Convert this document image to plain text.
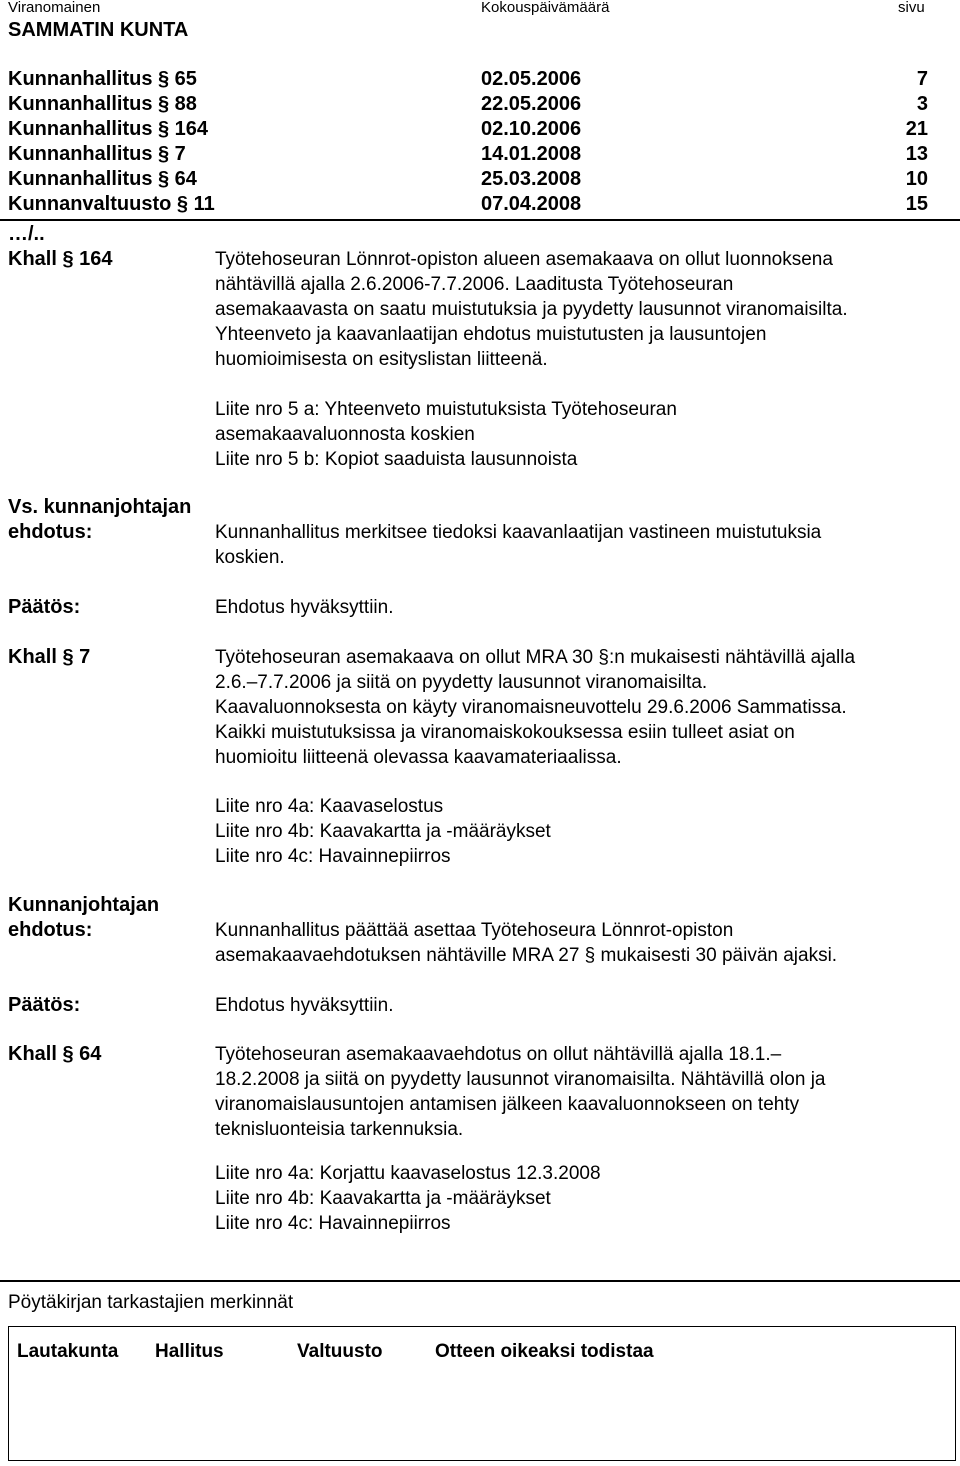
Viranomainen	Kokouspäivämäärä	sivu
SAMMATIN KUNTA
Kunnanhallitus § 65	02.05.2006	7
Kunnanhallitus § 88	22.05.2006	3
Kunnanhallitus § 164	02.10.2006	21
Kunnanhallitus § 7	14.01.2008	13
Kunnanhallitus § 64	25.03.2008	10
Kunnanvaltuusto § 11	07.04.2008	15
…/..
Khall § 164	Työtehoseuran Lönnrot-opiston alueen asemakaava on ollut luonnoksena
nähtävillä ajalla 2.6.2006-7.7.2006. Laaditusta Työtehoseuran
asemakaavasta on saatu muistutuksia ja pyydetty lausunnot viranomaisilta.
Yhteenveto ja kaavanlaatijan ehdotus muistutusten ja lausuntojen
huomioimisesta on esityslistan liitteenä.
Liite nro 5 a: Yhteenveto muistutuksista Työtehoseuran
asemakaavaluonnosta koskien
Liite nro 5 b: Kopiot saaduista lausunnoista
Vs. kunnanjohtajan
ehdotus:	Kunnanhallitus merkitsee tiedoksi kaavanlaatijan vastineen muistutuksia
koskien.
Päätös:	Ehdotus hyväksyttiin.
Khall § 7	Työtehoseuran asemakaava on ollut MRA 30 §:n mukaisesti nähtävillä ajalla
2.6.–7.7.2006 ja siitä on pyydetty lausunnot viranomaisilta.
Kaavaluonnoksesta on käyty viranomaisneuvottelu 29.6.2006 Sammatissa.
Kaikki muistutuksissa ja viranomaiskokouksessa esiin tulleet asiat on
huomioitu liitteenä olevassa kaavamateriaalissa.
Liite nro 4a: Kaavaselostus
Liite nro 4b: Kaavakartta ja -määräykset
Liite nro 4c: Havainnepiirros
Kunnanjohtajan
ehdotus:	Kunnanhallitus päättää asettaa Työtehoseura Lönnrot-opiston
asemakaavaehdotuksen nähtäville MRA 27 § mukaisesti 30 päivän ajaksi.
Päätös:	Ehdotus hyväksyttiin.
Khall § 64	Työtehoseuran asemakaavaehdotus on ollut nähtävillä ajalla 18.1.–
18.2.2008 ja siitä on pyydetty lausunnot viranomaisilta. Nähtävillä olon ja
viranomaislausuntojen antamisen jälkeen kaavaluonnokseen on tehty
teknisluonteisia tarkennuksia.
Liite nro 4a: Korjattu kaavaselostus 12.3.2008
Liite nro 4b: Kaavakartta ja -määräykset
Liite nro 4c: Havainnepiirros
Pöytäkirjan tarkastajien merkinnät
Lautakunta Hallitus	Valtuusto	Otteen oikeaksi todistaa
